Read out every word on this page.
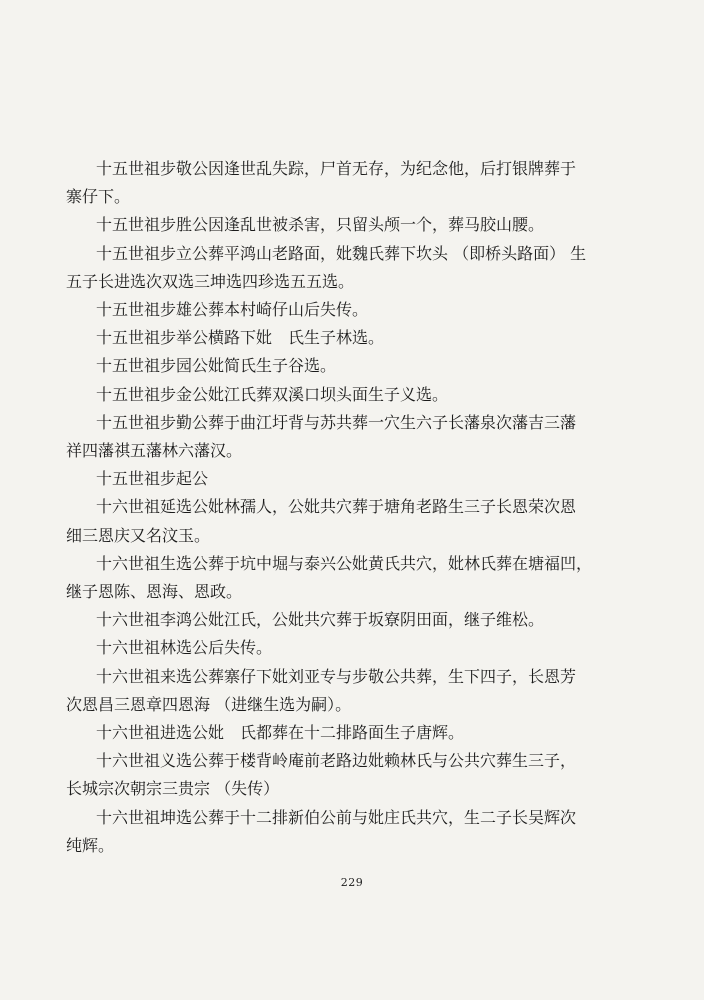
十五世祖步敬公因逢世乱失踪，尸首无存，为纪念他，后打银牌葬于
寨仔下。

十五世祖步胜公因逢乱世被杀害，只留头颅一个，葬马胶山腰。

十五世祖步立公葬平鸿山老路面，妣魏氏葬下坎头 （即桥头路面） 生
五子长进选次双选三坤选四珍选五五选。

十五世祖步雄公葬本村崎仔山后失传。

十五世祖步举公横路下妣　氏生子林选。

十五世祖步园公妣简氏生子谷选。

十五世祖步金公妣江氏葬双溪口坝头面生子义选。

十五世祖步勤公葬于曲江圩背与苏共葬一穴生六子长藩泉次藩吉三藩
祥四藩祺五藩林六藩汉。

十五世祖步起公

十六世祖延选公妣林孺人，公妣共穴葬于塘角老路生三子长恩荣次恩
细三恩庆又名汶玉。

十六世祖生选公葬于坑中堀与泰兴公妣黄氏共穴，妣林氏葬在塘福凹，
继子恩陈、恩海、恩政。

十六世祖李鸿公妣江氏，公妣共穴葬于坂寮阴田面，继子维松。

十六世祖林选公后失传。

十六世祖来选公葬寨仔下妣刘亚专与步敬公共葬，生下四子，长恩芳
次恩昌三恩章四恩海 （进继生选为嗣）。

十六世祖进选公妣　氏都葬在十二排路面生子唐辉。

十六世祖义选公葬于楼背岭庵前老路边妣赖林氏与公共穴葬生三子，
长城宗次朝宗三贵宗 （失传）

十六世祖坤选公葬于十二排新伯公前与妣庄氏共穴，生二子长吴辉次
纯辉。

229
